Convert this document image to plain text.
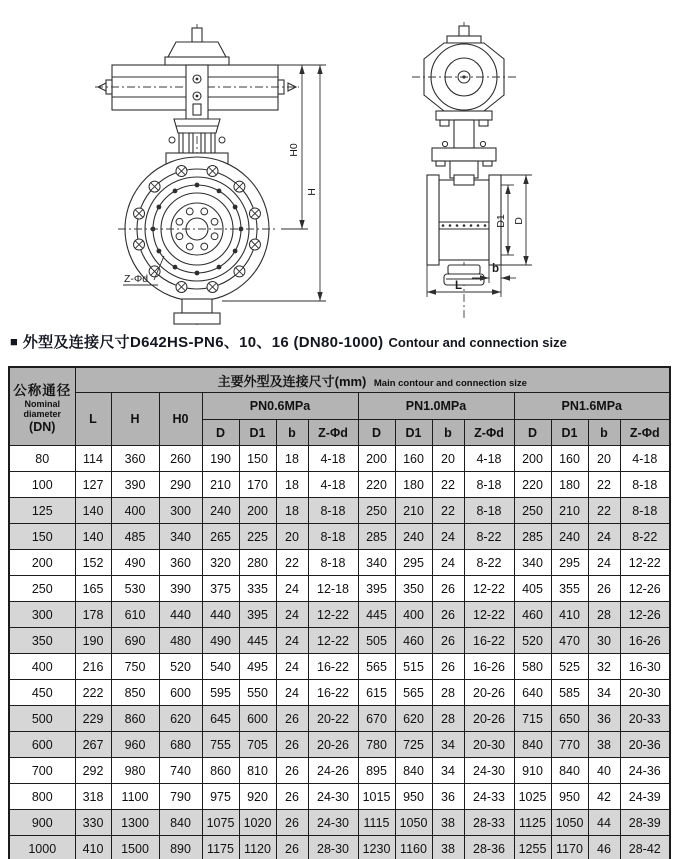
Z-Φd
H0
H
D1 D
b
L
■ 外型及连接尺寸D642HS-PN6、10、16 (DN80-1000) Contour and connection size
公称通径
Nominal diameter
(DN)	主要外型及连接尺寸(mm) Main contour and connection size														
	L	H	H0	PN0.6MPa				PN1.0MPa				PN1.6MPa			
				D	D1	b	Z-Φd	D	D1	b	Z-Φd	D	D1	b	Z-Φd
80	114	360	260	190	150	18	4-18	200	160	20	4-18	200	160	20	4-18
100	127	390	290	210	170	18	4-18	220	180	22	8-18	220	180	22	8-18
125	140	400	300	240	200	18	8-18	250	210	22	8-18	250	210	22	8-18
150	140	485	340	265	225	20	8-18	285	240	24	8-22	285	240	24	8-22
200	152	490	360	320	280	22	8-18	340	295	24	8-22	340	295	24	12-22
250	165	530	390	375	335	24	12-18	395	350	26	12-22	405	355	26	12-26
300	178	610	440	440	395	24	12-22	445	400	26	12-22	460	410	28	12-26
350	190	690	480	490	445	24	12-22	505	460	26	16-22	520	470	30	16-26
400	216	750	520	540	495	24	16-22	565	515	26	16-26	580	525	32	16-30
450	222	850	600	595	550	24	16-22	615	565	28	20-26	640	585	34	20-30
500	229	860	620	645	600	26	20-22	670	620	28	20-26	715	650	36	20-33
600	267	960	680	755	705	26	20-26	780	725	34	20-30	840	770	38	20-36
700	292	980	740	860	810	26	24-26	895	840	34	24-30	910	840	40	24-36
800	318	1100	790	975	920	26	24-30	1015	950	36	24-33	1025	950	42	24-39
900	330	1300	840	1075	1020	26	24-30	1115	1050	38	28-33	1125	1050	44	28-39
1000	410	1500	890	1175	1120	26	28-30	1230	1160	38	28-36	1255	1170	46	28-42
